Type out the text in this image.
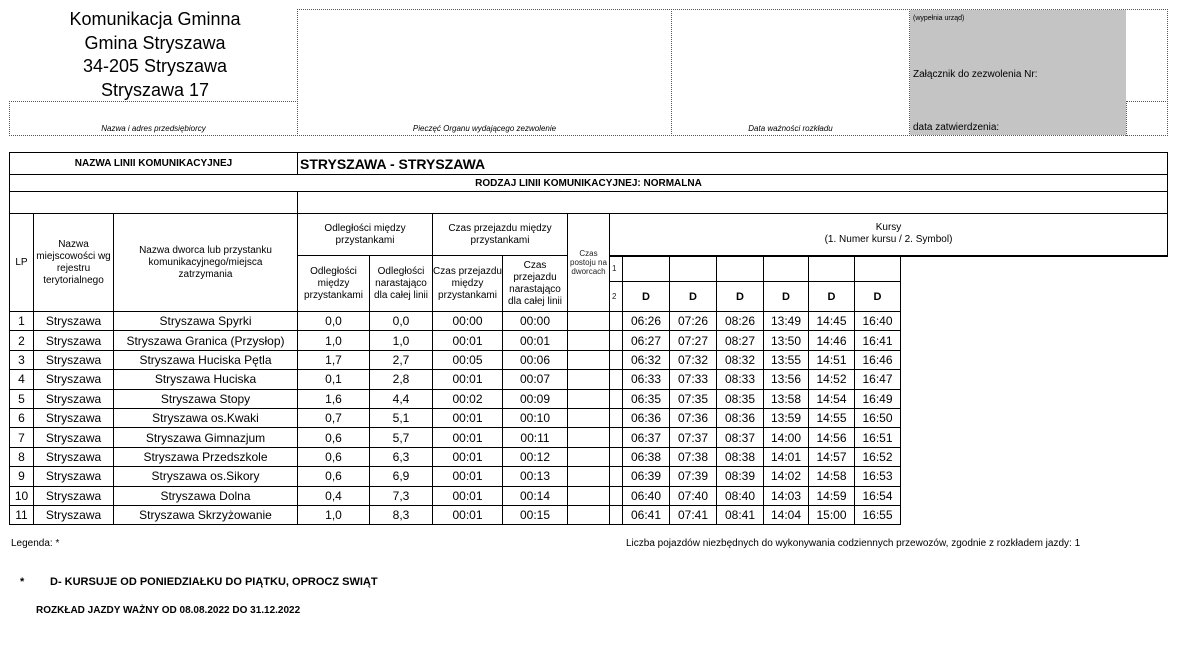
Komunikacja Gminna
Gmina Stryszawa
34-205 Stryszawa
Stryszawa 17
Nazwa i adres przedsiębiorcy	Pieczęć Organu wydającego zezwolenie	Data ważności rozkładu
(wypełnia urząd)
Załącznik do zezwolenia Nr:
data zatwierdzenia:
NAZWA LINII KOMUNIKACYJNEJ			STRYSZAWA - STRYSZAWA												
RODZAJ LINII KOMUNIKACYJNEJ: NORMALNA															

LP	Nazwa miejscowości wg rejestru terytorialnego	Nazwa dworca lub przystanku komunikacyjnego/miejsca zatrzymania	Odległości między przystankami		Czas przejazdu między przystankami		Czas postoju na dworcach	Kursy
(1. Numer kursu / 2. Symbol)							

			Odległości między przystankami	Odległości narastająco dla całej linii	Czas przejazdu między przystankami	Czas przejazdu narastająco dla całej linii		1							
								2	D	D	D	D	D	D	
1	Stryszawa	Stryszawa Spyrki	0,0	0,0	00:00	00:00			06:26	07:26	08:26	13:49	14:45	16:40	
2	Stryszawa	Stryszawa Granica (Przysłop)	1,0	1,0	00:01	00:01			06:27	07:27	08:27	13:50	14:46	16:41	
3	Stryszawa	Stryszawa Huciska Pętla	1,7	2,7	00:05	00:06			06:32	07:32	08:32	13:55	14:51	16:46	
4	Stryszawa	Stryszawa Huciska	0,1	2,8	00:01	00:07			06:33	07:33	08:33	13:56	14:52	16:47	
5	Stryszawa	Stryszawa Stopy	1,6	4,4	00:02	00:09			06:35	07:35	08:35	13:58	14:54	16:49	
6	Stryszawa	Stryszawa os.Kwaki	0,7	5,1	00:01	00:10			06:36	07:36	08:36	13:59	14:55	16:50	
7	Stryszawa	Stryszawa Gimnazjum	0,6	5,7	00:01	00:11			06:37	07:37	08:37	14:00	14:56	16:51	
8	Stryszawa	Stryszawa Przedszkole	0,6	6,3	00:01	00:12			06:38	07:38	08:38	14:01	14:57	16:52	
9	Stryszawa	Stryszawa os.Sikory	0,6	6,9	00:01	00:13			06:39	07:39	08:39	14:02	14:58	16:53	
10	Stryszawa	Stryszawa Dolna	0,4	7,3	00:01	00:14			06:40	07:40	08:40	14:03	14:59	16:54	
11	Stryszawa	Stryszawa Skrzyżowanie	1,0	8,3	00:01	00:15			06:41	07:41	08:41	14:04	15:00	16:55	
Legenda: *	Liczba pojazdów niezbędnych do wykonywania codziennych przewozów, zgodnie z rozkładem jazdy: 1
* D- KURSUJE OD PONIEDZIAŁKU DO PIĄTKU, OPROCZ SWIĄT
ROZKŁAD JAZDY WAŻNY OD 08.08.2022 DO 31.12.2022
